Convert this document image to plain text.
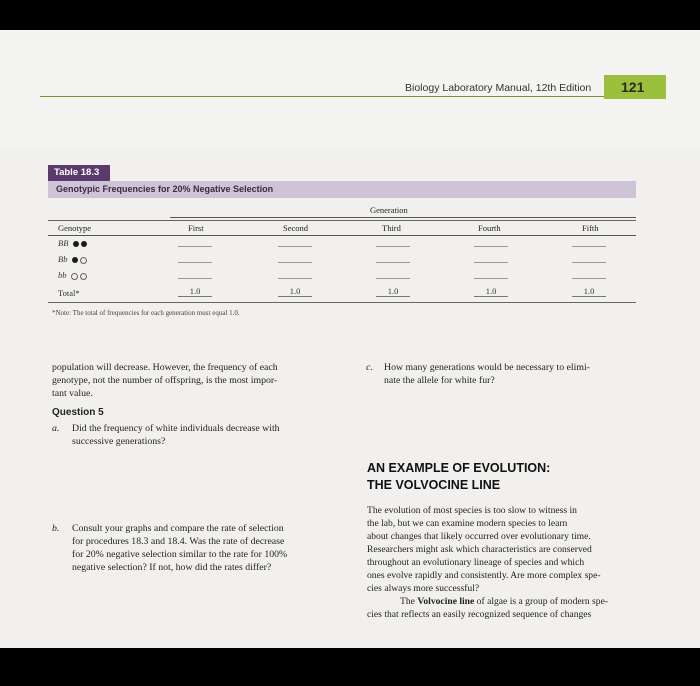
Biology Laboratory Manual, 12th Edition 121
Table 18.3
Genotypic Frequencies for 20% Negative Selection
Generation
Genotype	First	Second	Third	Fourth	Fifth
BB
Bb
bb
Total*	1.0	1.0	1.0	1.0	1.0
*Note: The total of frequencies for each generation must equal 1.0.
population will decrease. However, the frequency of each
genotype, not the number of offspring, is the most impor-
tant value.
Question 5
a.	Did the frequency of white individuals decrease with
successive generations?
b.	Consult your graphs and compare the rate of selection
for procedures 18.3 and 18.4. Was the rate of decrease
for 20% negative selection similar to the rate for 100%
negative selection? If not, how did the rates differ?
c.	How many generations would be necessary to elimi-
nate the allele for white fur?
AN EXAMPLE OF EVOLUTION:
THE VOLVOCINE LINE
The evolution of most species is too slow to witness in
the lab, but we can examine modern species to learn
about changes that likely occurred over evolutionary time.
Researchers might ask which characteristics are conserved
throughout an evolutionary lineage of species and which
ones evolve rapidly and consistently. Are more complex spe-
cies always more successful?
The Volvocine line of algae is a group of modern spe-
cies that reflects an easily recognized sequence of changes
